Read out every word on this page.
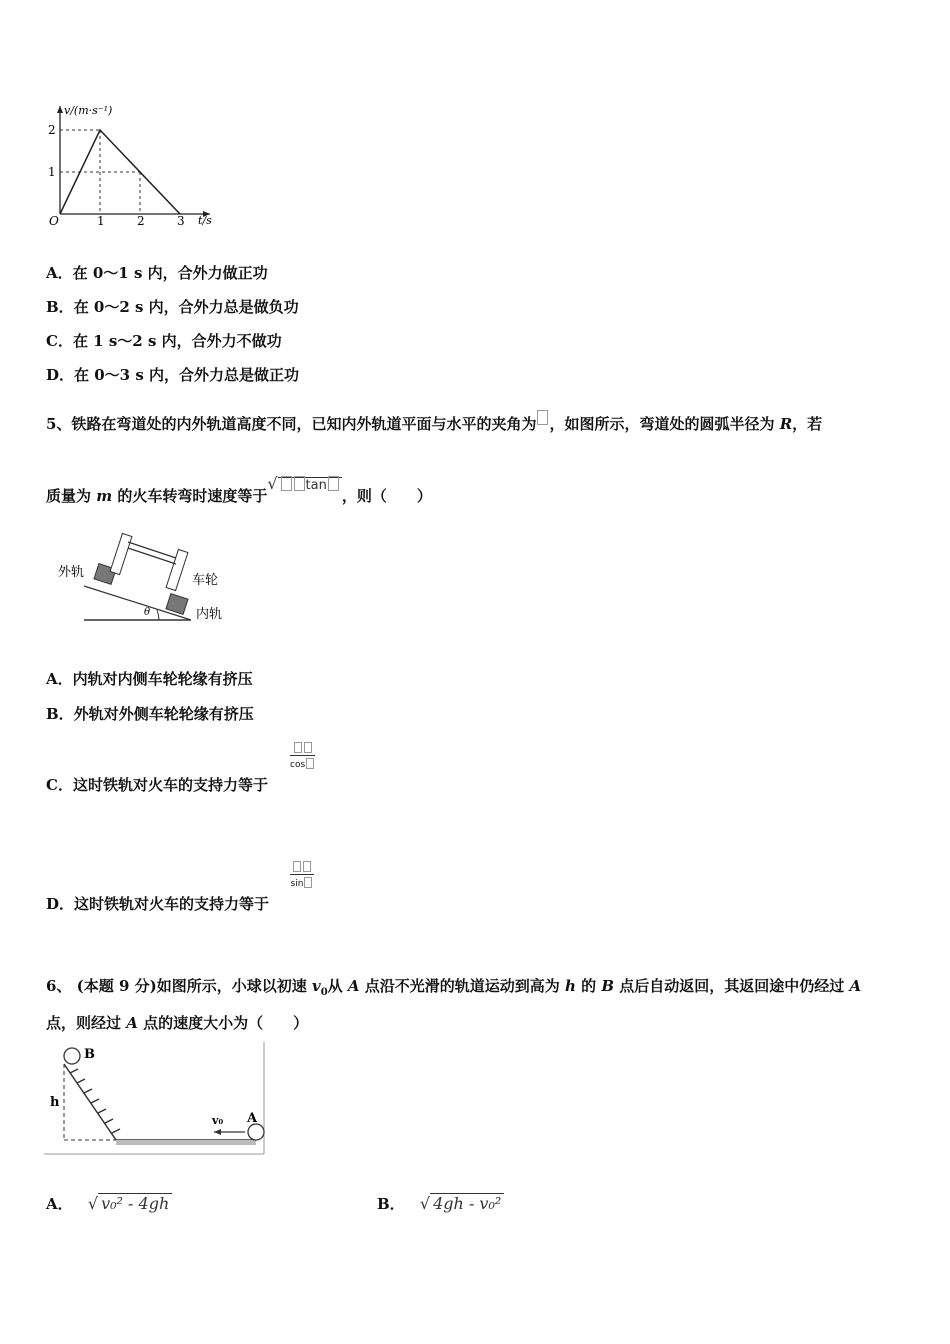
v/(m·s⁻¹)
t/s
O
2
1
1	2	3
A．在 0～1 s 内，合外力做正功
B．在 0～2 s 内，合外力总是做负功
C．在 1 s～2 s 内，合外力不做功
D．在 0～3 s 内，合外力总是做正功
5、铁路在弯道处的内外轨道高度不同，已知内外轨道平面与水平的夹角为 ，如图所示，弯道处的圆弧半径为 R，若
质量为 m 的火车转弯时速度等于√ tan，则（　　）
θ
外轨
车轮
内轨
A．内轨对内侧车轮轮缘有挤压
B．外轨对外侧车轮轮缘有挤压
cos
C．这时铁轨对火车的支持力等于
sin
D．这时铁轨对火车的支持力等于
6、 (本题 9 分)如图所示，小球以初速 $v_0$从 A 点沿不光滑的轨道运动到高为 h 的 B 点后自动返回，其返回途中仍经过 A
点，则经过 A 点的速度大小为（　　）
B
h
v₀ A
A． √ v₀² - 4gh	B． √ 4gh - v₀²
